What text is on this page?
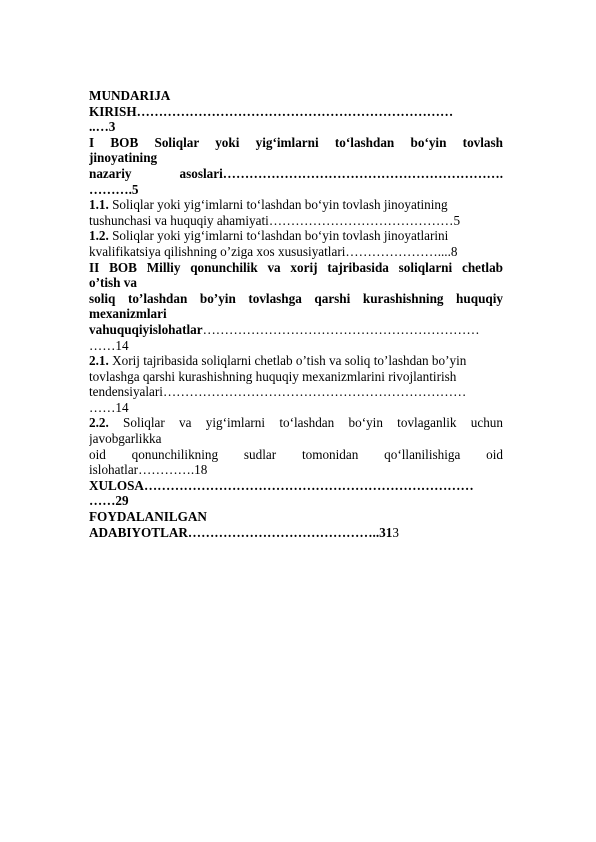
MUNDARIJA
KIRISH………………………………………………………………
..…3
I BOB Soliqlar yoki yig‘imlarni to‘lashdan bo‘yin tovlash
jinoyatining
nazariy asoslari……………………………………………………….
……….5
1.1. Soliqlar yoki yig‘imlarni to‘lashdan bo‘yin tovlash jinoyatining
tushunchasi va huquqiy ahamiyati……………………………………5
1.2. Soliqlar yoki yig‘imlarni to‘lashdan bo‘yin tovlash jinoyatlarini
kvalifikatsiya qilishning o’ziga xos xususiyatlari…………………....8
II BOB Milliy qonunchilik va xorij tajribasida soliqlarni chetlab
o’tish va
soliq to’lashdan bo’yin tovlashga qarshi kurashishning huquqiy
mexanizmlari
vahuquqiyislohatlar………………………………………………………
……14
2.1. Xorij tajribasida soliqlarni chetlab o’tish va soliq to’lashdan bo’yin
tovlashga qarshi kurashishning huquqiy mexanizmlarini rivojlantirish
tendensiyalari……………………………………………………………
……14
2.2. Soliqlar va yig‘imlarni to‘lashdan bo‘yin tovlaganlik uchun
javobgarlikka
oid qonunchilikning sudlar tomonidan qo‘llanilishiga oid
islohatlar………….18
XULOSA…………………………………………………………………
……29
FOYDALANILGAN
ADABIYOTLAR……………………………………..313
